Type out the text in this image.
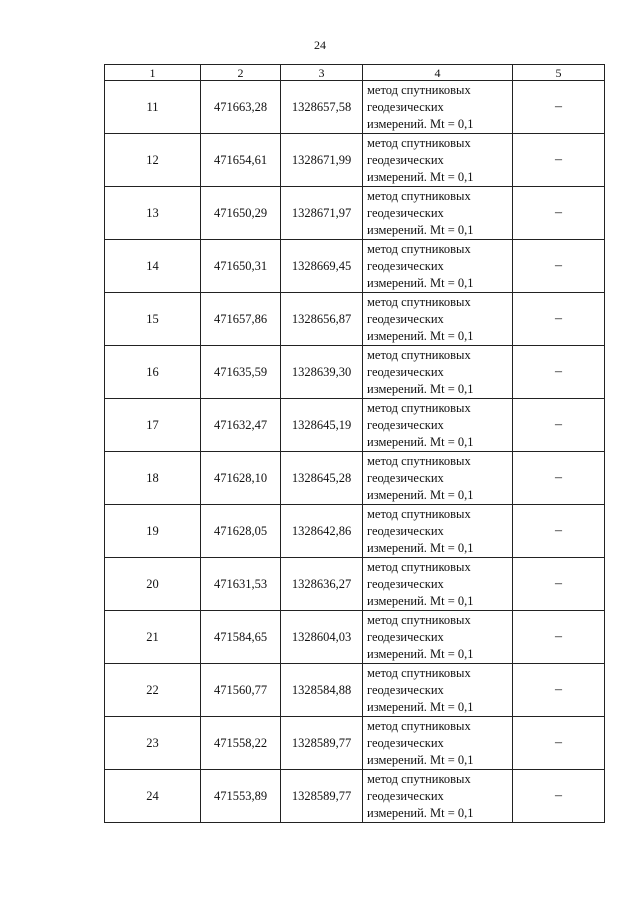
24
1	2	3	4	5
11	471663,28	1328657,58	метод спутниковых
геодезических
измерений. Mt = 0,1	–
12	471654,61	1328671,99	метод спутниковых
геодезических
измерений. Mt = 0,1	–
13	471650,29	1328671,97	метод спутниковых
геодезических
измерений. Mt = 0,1	–
14	471650,31	1328669,45	метод спутниковых
геодезических
измерений. Mt = 0,1	–
15	471657,86	1328656,87	метод спутниковых
геодезических
измерений. Mt = 0,1	–
16	471635,59	1328639,30	метод спутниковых
геодезических
измерений. Mt = 0,1	–
17	471632,47	1328645,19	метод спутниковых
геодезических
измерений. Mt = 0,1	–
18	471628,10	1328645,28	метод спутниковых
геодезических
измерений. Mt = 0,1	–
19	471628,05	1328642,86	метод спутниковых
геодезических
измерений. Mt = 0,1	–
20	471631,53	1328636,27	метод спутниковых
геодезических
измерений. Mt = 0,1	–
21	471584,65	1328604,03	метод спутниковых
геодезических
измерений. Mt = 0,1	–
22	471560,77	1328584,88	метод спутниковых
геодезических
измерений. Mt = 0,1	–
23	471558,22	1328589,77	метод спутниковых
геодезических
измерений. Mt = 0,1	–
24	471553,89	1328589,77	метод спутниковых
геодезических
измерений. Mt = 0,1	–
